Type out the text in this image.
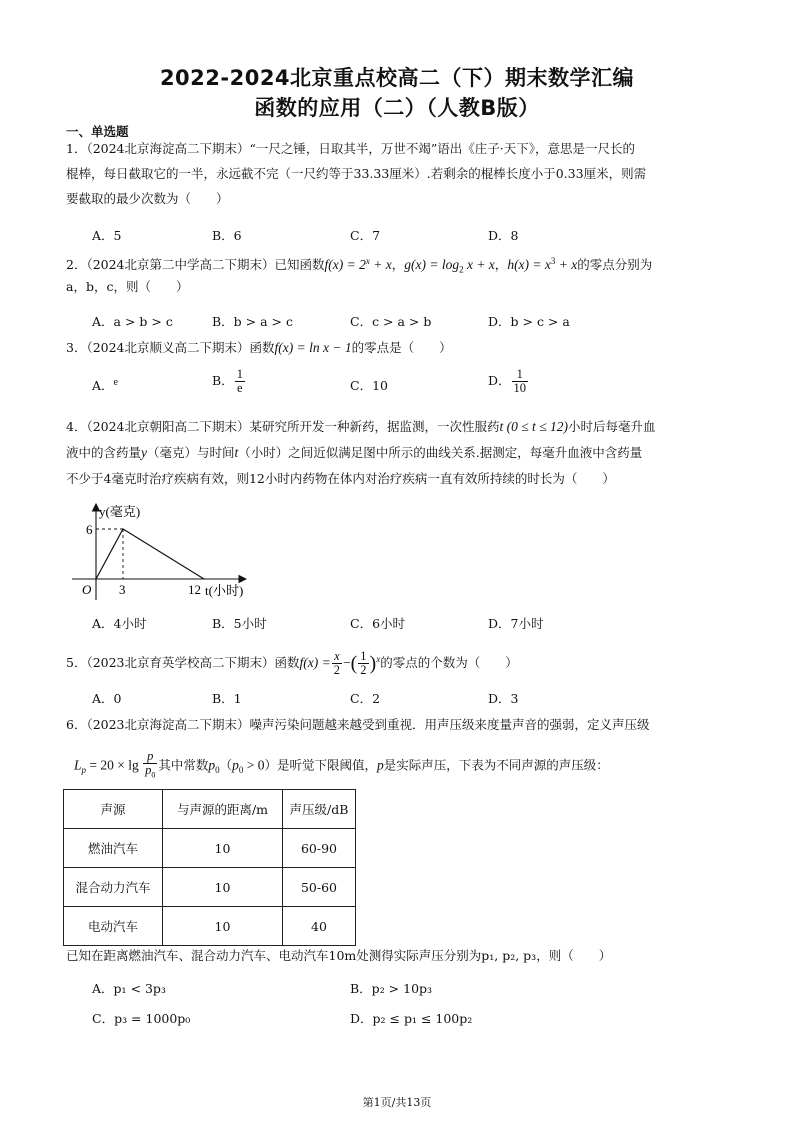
2022-2024北京重点校高二（下）期末数学汇编
函数的应用（二）（人教B版）
一、单选题
1．（2024北京海淀高二下期末）“一尺之锤，日取其半，万世不竭”语出《庄子·天下》，意思是一尺长的
棍棒，每日截取它的一半，永远截不完（一尺约等于33.33厘米）.若剩余的棍棒长度小于0.33厘米，则需
要截取的最少次数为（　　）
A．5	B．6	C．7	D．8
2．（2024北京第二中学高二下期末）已知函数$f(x) = 2^x + x$，$g(x) = \log_2 x + x$，$h(x) = x^3 + x$的零点分别为
a，b，c，则（　　）
A．a > b > c	B．b > a > c	C．c > a > b	D．b > c > a
3．（2024北京顺义高二下期末）函数f(x) = ln x − 1的零点是（　　）
A．$^e$	B． $\frac{1}{e}$	C．10	D． $\frac{1}{10}$
4．（2024北京朝阳高二下期末）某研究所开发一种新药，据监测，一次性服药t (0 ≤ t ≤ 12)小时后每毫升血
液中的含药量y（毫克）与时间t（小时）之间近似满足图中所示的曲线关系.据测定，每毫升血液中含药量
不少于4毫克时治疗疾病有效，则12小时内药物在体内对治疗疾病一直有效所持续的时长为（　　）
y(毫克)
t(小时)
O 3	12
6
A．4小时	B．5小时	C．6小时	D．7小时
5．（2023北京育英学校高二下期末）函数$f(x) = \frac{x}{2}$ −( $\frac{1}{2} )^x$的零点的个数为（　　）
A．0	B．1	C．2	D．3
6．（2023北京海淀高二下期末）噪声污染问题越来越受到重视．用声压级来度量声音的强弱，定义声压级
$L_p = 20 \times \lg \frac{p}{p_0}$ 其中常数$p_0(p_0 > 0)$是听觉下限阈值，p是实际声压，下表为不同声源的声压级：
声源	与声源的距离/m	声压级/dB
燃油汽车	10	60-90
混合动力汽车	10	50-60
电动汽车	10	40
已知在距离燃油汽车、混合动力汽车、电动汽车10m处测得实际声压分别为p₁, p₂, p₃，则（　　）
A．p₁ < 3p₃	B．p₂ > 10p₃
C．p₃ = 1000p₀	D．p₂ ≤ p₁ ≤ 100p₂
第1页/共13页
